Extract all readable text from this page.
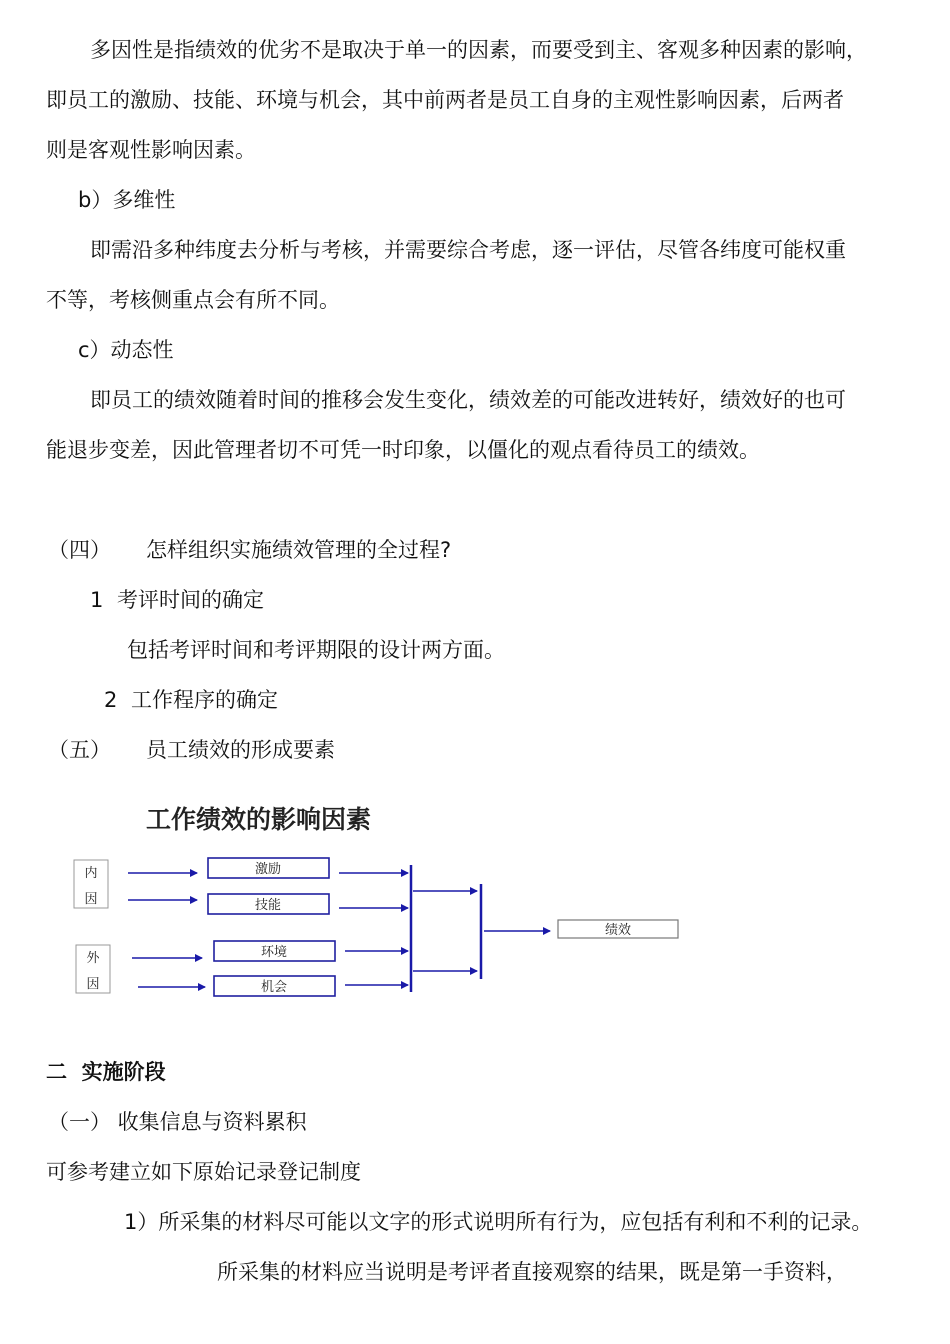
多因性是指绩效的优劣不是取决于单一的因素，而要受到主、客观多种因素的影响，
即员工的激励、技能、环境与机会，其中前两者是员工自身的主观性影响因素，后两者
则是客观性影响因素。
b）多维性
即需沿多种纬度去分析与考核，并需要综合考虑，逐一评估，尽管各纬度可能权重
不等，考核侧重点会有所不同。
c）动态性
即员工的绩效随着时间的推移会发生变化，绩效差的可能改进转好，绩效好的也可
能退步变差，因此管理者切不可凭一时印象，以僵化的观点看待员工的绩效。
（四） 怎样组织实施绩效管理的全过程?
1 考评时间的确定
包括考评时间和考评期限的设计两方面。
2 工作程序的确定
（五） 员工绩效的形成要素
工作绩效的影响因素
内
因
外
因
激励
技能
环境
机会
绩效
二  实施阶段
（一） 收集信息与资料累积
可参考建立如下原始记录登记制度
1）所采集的材料尽可能以文字的形式说明所有行为，应包括有利和不利的记录。
所采集的材料应当说明是考评者直接观察的结果，既是第一手资料，
